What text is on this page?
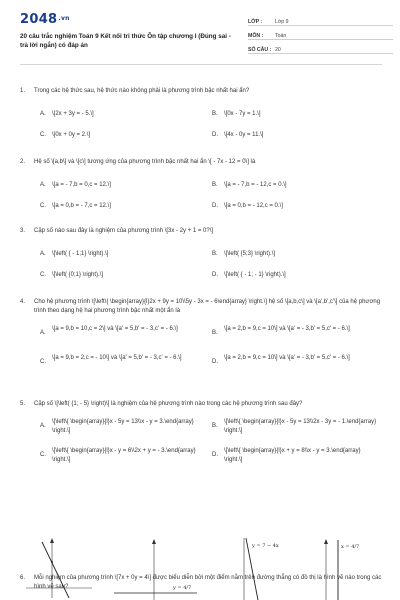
$2048^{.vn}$
20 câu trắc nghiệm Toán 9 Kết nối tri thức Ôn tập chương I (Đúng sai - trả lời ngắn) có đáp án
LỚP :	Lớp 9
MÔN :	Toán
SỐ CÂU : 20
1.	Trong các hệ thức sau, hệ thức nào không phải là phương trình bậc nhất hai ẩn?
A.	\[2x + 3y = - 5.\]	B.	\[0x - 7y = 1.\]
C.	\[0x + 0y = 2.\]	D.	\[4x - 0y = 11.\]
2.	Hệ số \[a,b\] và \[c\] tương ứng của phương trình bậc nhất hai ẩn \[ - 7x - 12 = 0\] là
A.	\[a = - 7,b = 0,c = 12.\]	B.	\[a = - 7,b = - 12,c = 0.\]
C.	\[a = 0,b = - 7,c = 12.\]	D.	\[a = 0,b = - 12,c = 0.\]
3.	Cặp số nào sau đây là nghiệm của phương trình \[3x - 2y + 1 = 0?\]
A.	\[\left( { - 1;1} \right).\]	B.	\[\left( {5;3} \right).\]
C.	\[\left( {0;1} \right).\]	D.	\[\left( { - 1; - 1} \right).\]
4.	Cho hệ phương trình \[\left\{ \begin{array}{l}2x + 9y = 10\\5y - 3x = - 6\end{array} \right.\] hệ số \[a,b,c\] và \[a',b',c'\] của hệ phương trình theo dạng hệ hai phương trình bậc nhất một ẩn là
A.
\[a = 9,b = 10,c = 2\] và \[a' = 5,b' = - 3,c' = - 6.\]
B.
\[a = 2,b = 9,c = 10\] và \[a' = - 3,b' = 5,c' = - 6.\]
C.
\[a = 9,b = 2,c = - 10\] và \[a' = 5,b' = - 3,c' = - 6.\]
D.
\[a = 2,b = 9,c = 10\] và \[a' = - 3,b' = 5,c' = - 6.\]
5.	Cặp số \[\left( {1; - 5} \right)\] là nghiệm của hệ phương trình nào trong các hệ phương trình sau đây?
A.
\[\left\{ \begin{array}{l}x - 5y = 13\\x - y = 3.\end{array} \right.\]
B.
\[\left\{ \begin{array}{l}x - 5y = 13\\2x - 3y = - 1.\end{array} \right.\]
C.
\[\left\{ \begin{array}{l}x - y = 6\\2x + y = - 3.\end{array} \right.\]
D.
\[\left\{ \begin{array}{l}x + y = 8\\x - y = 3.\end{array} \right.\]
6.	Mỗi nghiệm của phương trình \[7x + 0y = 4\] được biểu diễn bởi một điểm nằm trên đường thẳng có đồ thị là hình vẽ nào trong các hình vẽ sau?	y = 4/7
y = 7 − 4x	x = 4/7
